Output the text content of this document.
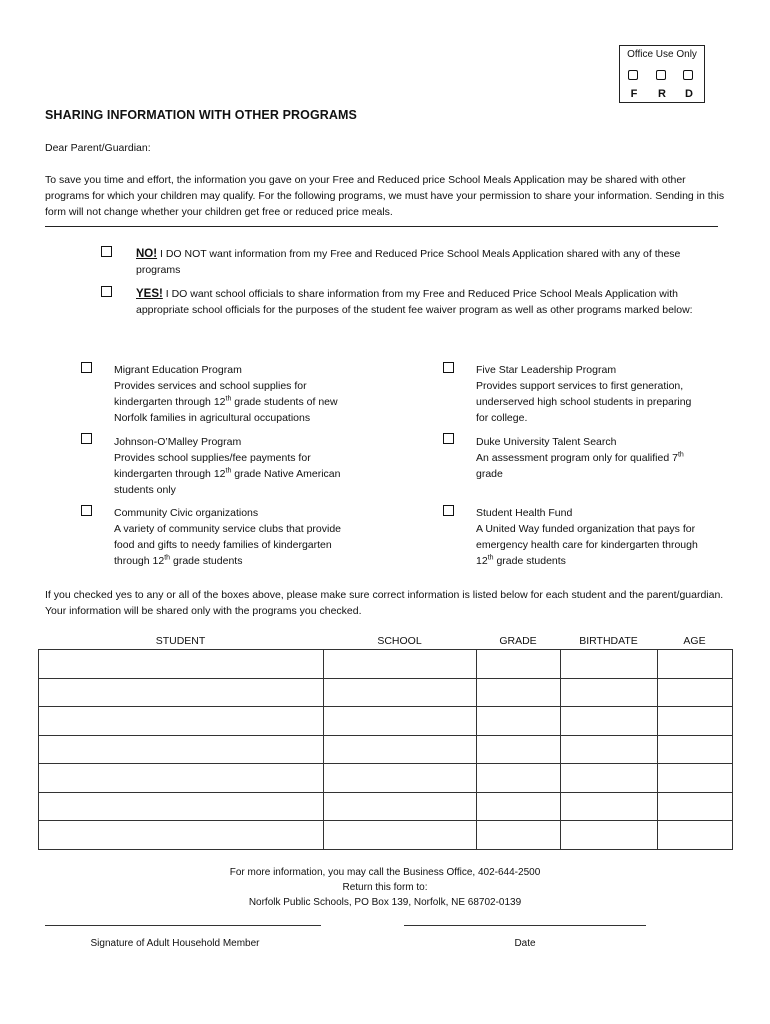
Office Use Only
F R D
SHARING INFORMATION WITH OTHER PROGRAMS
Dear Parent/Guardian:
To save you time and effort, the information you gave on your Free and Reduced price School Meals Application may be shared with other programs for which your children may qualify. For the following programs, we must have your permission to share your information. Sending in this form will not change whether your children get free or reduced price meals.
NO! I DO NOT want information from my Free and Reduced Price School Meals Application shared with any of these programs
YES! I DO want school officials to share information from my Free and Reduced Price School Meals Application with appropriate school officials for the purposes of the student fee waiver program as well as other programs marked below:
Migrant Education Program
Provides services and school supplies for
kindergarten through 12th grade students of new
Norfolk families in agricultural occupations
Johnson-O’Malley Program
Provides school supplies/fee payments for
kindergarten through 12th grade Native American
students only
Community Civic organizations
A variety of community service clubs that provide
food and gifts to needy families of kindergarten
through 12th grade students
Five Star Leadership Program
Provides support services to first generation,
underserved high school students in preparing
for college.
Duke University Talent Search
An assessment program only for qualified 7th
grade
Student Health Fund
A United Way funded organization that pays for
emergency health care for kindergarten through
12th grade students
If you checked yes to any or all of the boxes above, please make sure correct information is listed below for each student and the parent/guardian. Your information will be shared only with the programs you checked.
STUDENT	SCHOOL	GRADE	BIRTHDATE	AGE

For more information, you may call the Business Office, 402-644-2500
Return this form to:
Norfolk Public Schools, PO Box 139, Norfolk, NE 68702-0139
Signature of Adult Household Member	Date
